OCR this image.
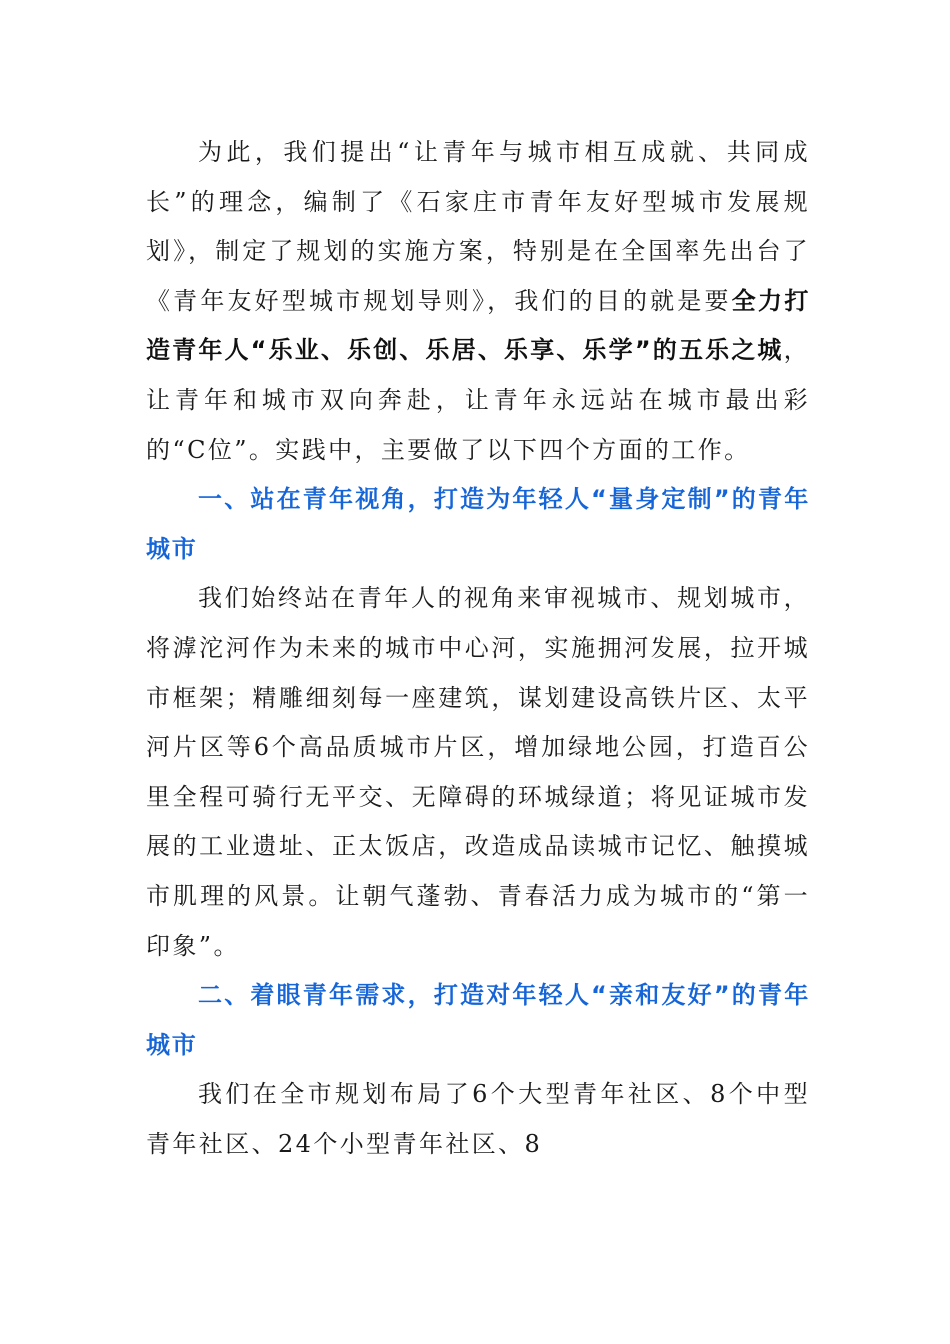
为此，我们提出“让青年与城市相互成就、共同成长”的理念，编制了《石家庄市青年友好型城市发展规划》，制定了规划的实施方案，特别是在全国率先出台了《青年友好型城市规划导则》，我们的目的就是要全力打造青年人“乐业、乐创、乐居、乐享、乐学”的五乐之城，让青年和城市双向奔赴，让青年永远站在城市最出彩的“C位”。实践中，主要做了以下四个方面的工作。

一、站在青年视角，打造为年轻人“量身定制”的青年城市

我们始终站在青年人的视角来审视城市、规划城市，将滹沱河作为未来的城市中心河，实施拥河发展，拉开城市框架；精雕细刻每一座建筑，谋划建设高铁片区、太平河片区等6个高品质城市片区，增加绿地公园，打造百公里全程可骑行无平交、无障碍的环城绿道；将见证城市发展的工业遗址、正太饭店，改造成品读城市记忆、触摸城市肌理的风景。让朝气蓬勃、青春活力成为城市的“第一印象”。

二、着眼青年需求，打造对年轻人“亲和友好”的青年城市

我们在全市规划布局了6个大型青年社区、8个中型青年社区、24个小型青年社区、8
